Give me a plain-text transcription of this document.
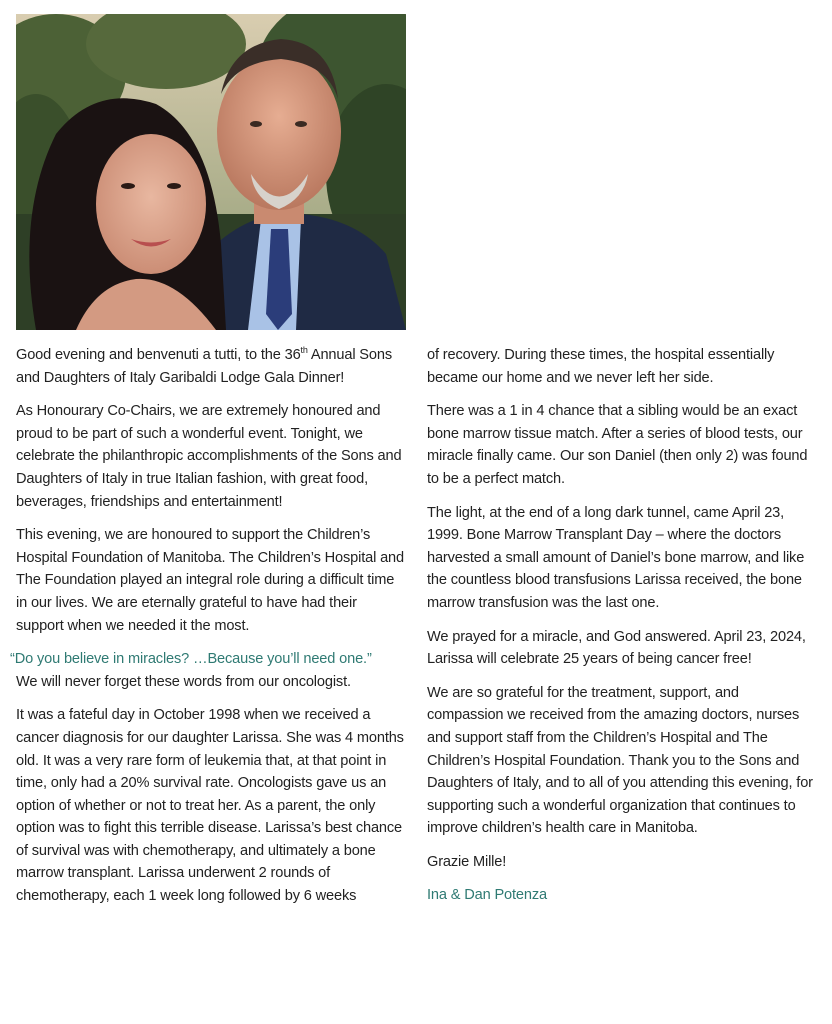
Good evening and benvenuti a tutti, to the 36th Annual Sons and Daughters of Italy Garibaldi Lodge Gala Dinner!

As Honourary Co-Chairs, we are extremely honoured and proud to be part of such a wonderful event. Tonight, we celebrate the philanthropic accomplishments of the Sons and Daughters of Italy in true Italian fashion, with great food, beverages, friendships and entertainment!

This evening, we are honoured to support the Children’s Hospital Foundation of Manitoba. The Children’s Hospital and The Foundation played an integral role during a difficult time in our lives. We are eternally grateful to have had their support when we needed it the most.

“Do you believe in miracles? …Because you’ll need one.”
We will never forget these words from our oncologist.

It was a fateful day in October 1998 when we received a cancer diagnosis for our daughter Larissa. She was 4 months old. It was a very rare form of leukemia that, at that point in time, only had a 20% survival rate. Oncologists gave us an option of whether or not to treat her. As a parent, the only option was to fight this terrible disease. Larissa’s best chance of survival was with chemotherapy, and ultimately a bone marrow transplant. Larissa underwent 2 rounds of chemotherapy, each 1 week long followed by 6 weeks

of recovery. During these times, the hospital essentially became our home and we never left her side.

There was a 1 in 4 chance that a sibling would be an exact bone marrow tissue match. After a series of blood tests, our miracle finally came. Our son Daniel (then only 2) was found to be a perfect match.

The light, at the end of a long dark tunnel, came April 23, 1999. Bone Marrow Transplant Day – where the doctors harvested a small amount of Daniel’s bone marrow, and like the countless blood transfusions Larissa received, the bone marrow transfusion was the last one.

We prayed for a miracle, and God answered. April 23, 2024, Larissa will celebrate 25 years of being cancer free!

We are so grateful for the treatment, support, and compassion we received from the amazing doctors, nurses and support staff from the Children’s Hospital and The Children’s Hospital Foundation. Thank you to the Sons and Daughters of Italy, and to all of you attending this evening, for supporting such a wonderful organization that continues to improve children’s health care in Manitoba.

Grazie Mille!

Ina & Dan Potenza
